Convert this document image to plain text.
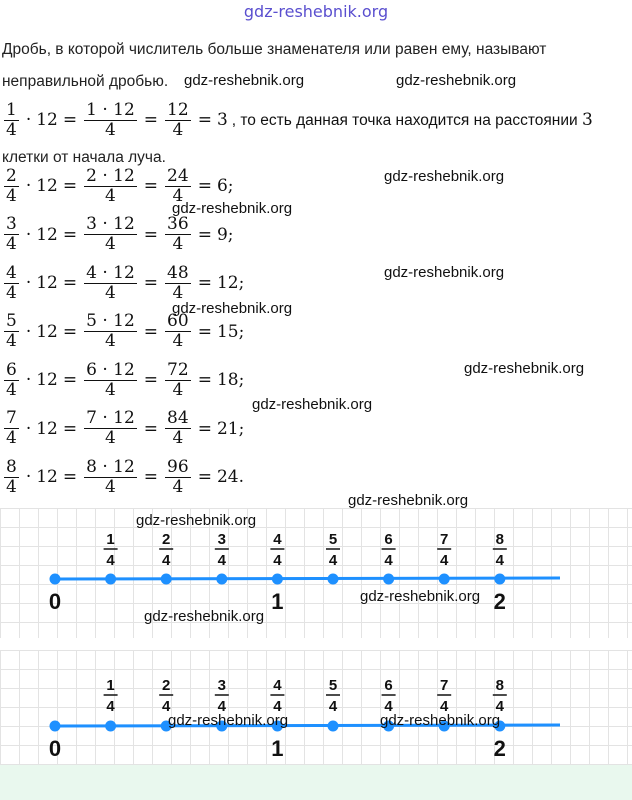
gdz-reshebnik.org
Дробь, в которой числитель больше знаменателя или равен ему, называют
неправильной дробью.
$\frac{1}{4} \cdot 12 = \frac{1 \cdot 12}{4} = \frac{12}{4} = 3$ , то есть данная точка находится на расстоянии 3
клетки от начала луча.
$\frac{2}{4} \cdot 12 = \frac{2 \cdot 12}{4} = \frac{24}{4} = 6$ ;
$\frac{3}{4} \cdot 12 = \frac{3 \cdot 12}{4} = \frac{36}{4} = 9$ ;
$\frac{4}{4} \cdot 12 = \frac{4 \cdot 12}{4} = \frac{48}{4} = 12$ ;
$\frac{5}{4} \cdot 12 = \frac{5 \cdot 12}{4} = \frac{60}{4} = 15$ ;
$\frac{6}{4} \cdot 12 = \frac{6 \cdot 12}{4} = \frac{72}{4} = 18$ ;
$\frac{7}{4} \cdot 12 = \frac{7 \cdot 12}{4} = \frac{84}{4} = 21$ ;
$\frac{8}{4} \cdot 12 = \frac{8 \cdot 12}{4} = \frac{96}{4} = 24$ .
1
4
2
4
3
4
4
4
5
4
6
4
7
4
8
4
0	1	2
1
4
2
4
3
4
4
4
5
4
6
4
7
4
8
4
0	1	2
gdz-reshebnik.org	gdz-reshebnik.org
gdz-reshebnik.org
gdz-reshebnik.org
gdz-reshebnik.org
gdz-reshebnik.org
gdz-reshebnik.org
gdz-reshebnik.org
gdz-reshebnik.org
gdz-reshebnik.org
gdz-reshebnik.org
gdz-reshebnik.org
gdz-reshebnik.org	gdz-reshebnik.org
